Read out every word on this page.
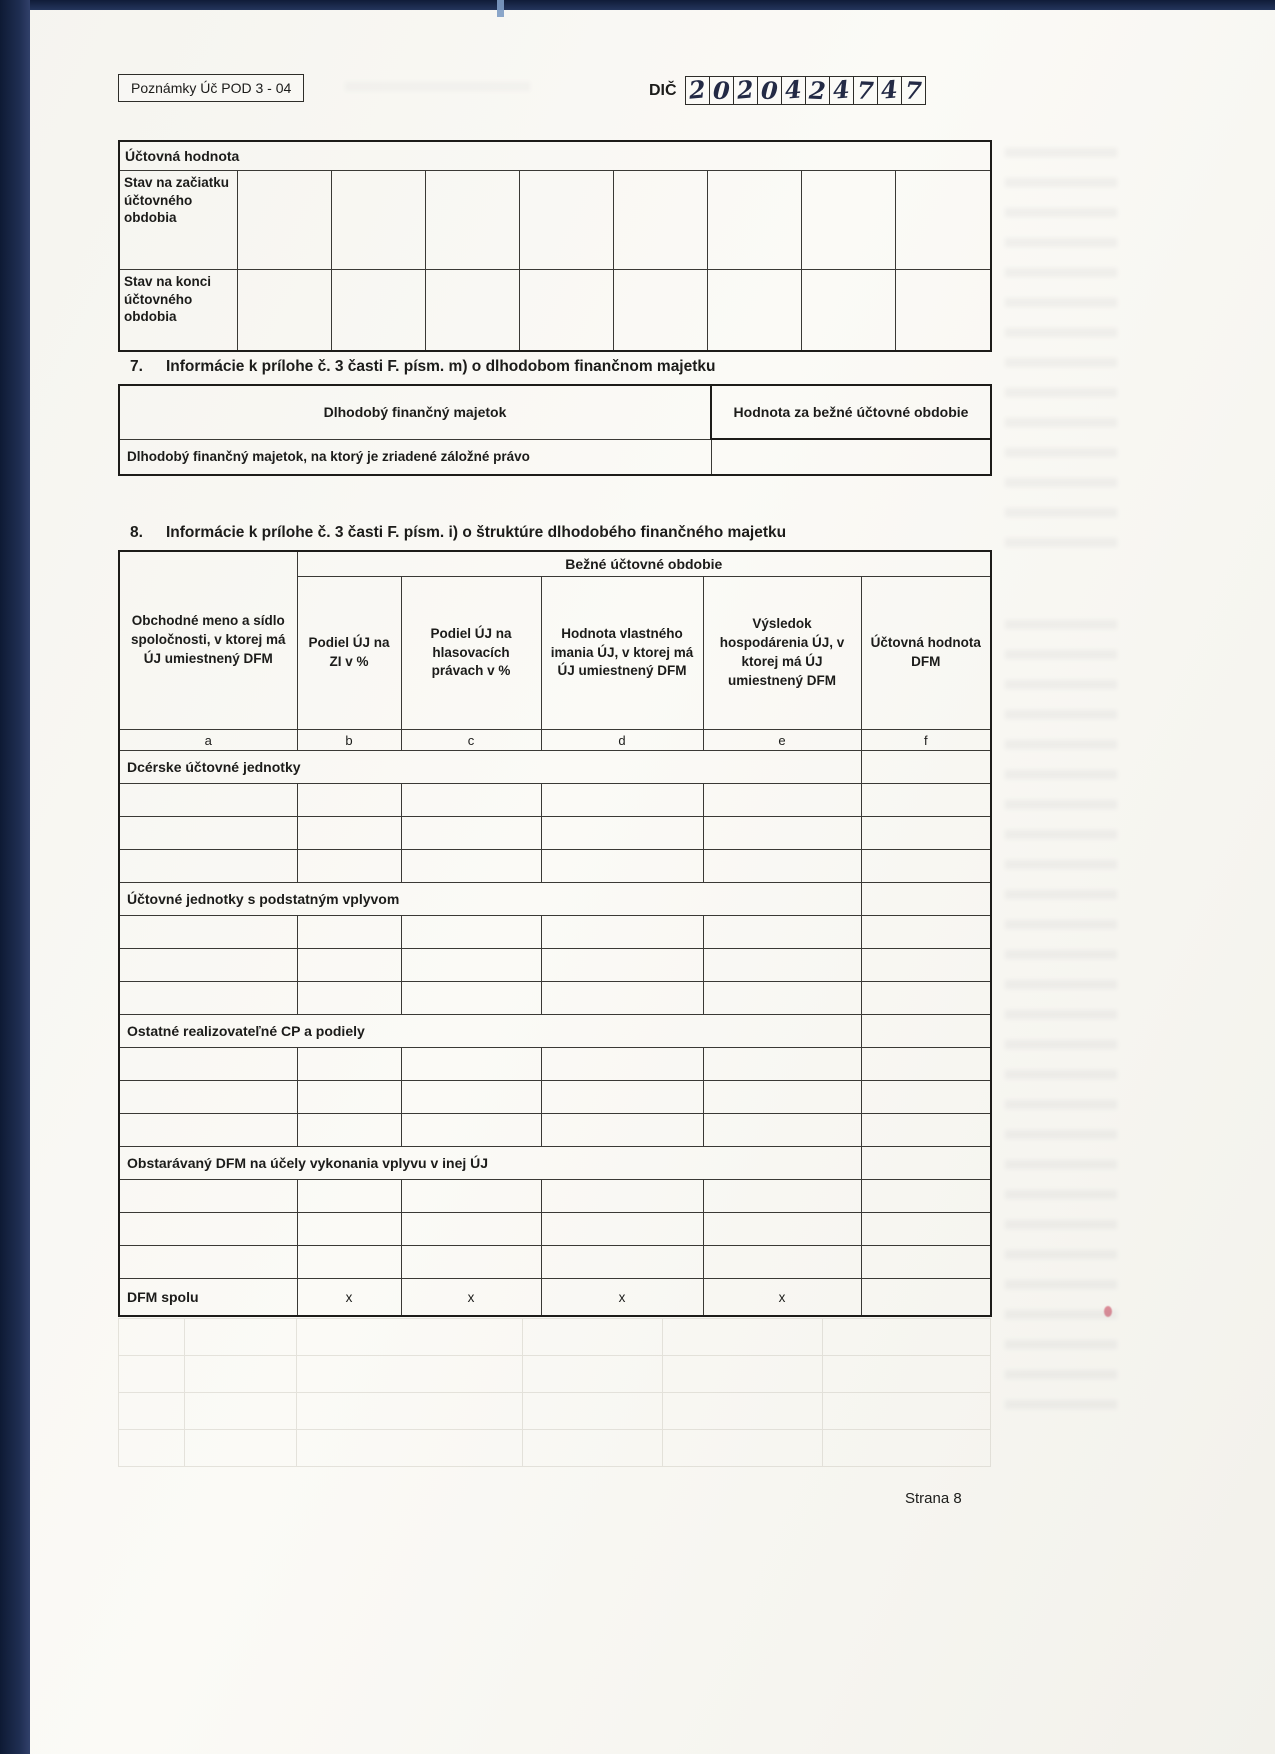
Poznámky Úč POD 3 - 04	DIČ 2 0 2 0 4 2 4 7 4 7
Účtovná hodnota								
Stav na začiatku účtovného obdobia								
Stav na konci účtovného obdobia								
7.	Informácie k prílohe č. 3 časti F. písm. m) o dlhodobom finančnom majetku
Dlhodobý finančný majetok	Hodnota za bežné účtovné obdobie
Dlhodobý finančný majetok, na ktorý je zriadené záložné právo	
8.	Informácie k prílohe č. 3 časti F. písm. i) o štruktúre dlhodobého finančného majetku
Obchodné meno a sídlo spoločnosti, v ktorej má ÚJ umiestnený DFM	Bežné účtovné obdobie				
	Podiel ÚJ na ZI v %	Podiel ÚJ na hlasovacích právach v %	Hodnota vlastného imania ÚJ, v ktorej má ÚJ umiestnený DFM	Výsledok hospodárenia ÚJ, v ktorej má ÚJ umiestnený DFM	Účtovná hodnota DFM
a	b	c	d	e	f
Dcérske účtovné jednotky					

Účtovné jednotky s podstatným vplyvom					

Ostatné realizovateľné CP a podiely					

Obstarávaný DFM na účely vykonania vplyvu v inej ÚJ					

DFM spolu	x	x	x	x	

Strana 8
